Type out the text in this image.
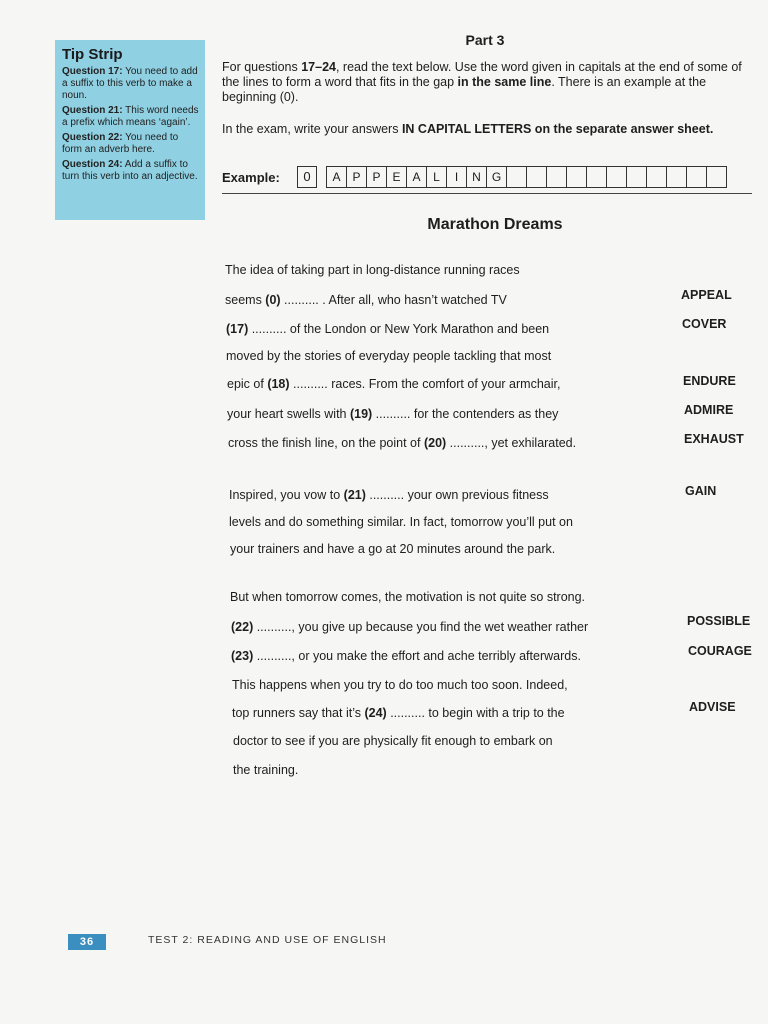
Tip Strip
Question 17: You need to add a suffix to this verb to make a noun.
Question 21: This word needs a prefix which means ‘again’.
Question 22: You need to form an adverb here.
Question 24: Add a suffix to turn this verb into an adjective.
Part 3

For questions 17–24, read the text below. Use the word given in capitals at the end of some of the lines to form a word that fits in the gap in the same line. There is an example at the beginning (0).

In the exam, write your answers IN CAPITAL LETTERS on the separate answer sheet.

Example:	0	A P P E A	L	I	N G
Marathon Dreams
The idea of taking part in long-distance running races
seems (0) .......... . After all, who hasn’t watched TV
(17) .......... of the London or New York Marathon and been
moved by the stories of everyday people tackling that most
epic of (18) .......... races. From the comfort of your armchair,
your heart swells with (19) .......... for the contenders as they
cross the finish line, on the point of (20) .........., yet exhilarated.
Inspired, you vow to (21) .......... your own previous fitness
levels and do something similar. In fact, tomorrow you’ll put on
your trainers and have a go at 20 minutes around the park.
But when tomorrow comes, the motivation is not quite so strong.
(22) .........., you give up because you find the wet weather rather
(23) .........., or you make the effort and ache terribly afterwards.
This happens when you try to do too much too soon. Indeed,
top runners say that it’s (24) .......... to begin with a trip to the
doctor to see if you are physically fit enough to embark on
the training.
APPEAL
COVER
ENDURE
ADMIRE
EXHAUST
GAIN
POSSIBLE
COURAGE
ADVISE
36	TEST 2: READING AND USE OF ENGLISH
